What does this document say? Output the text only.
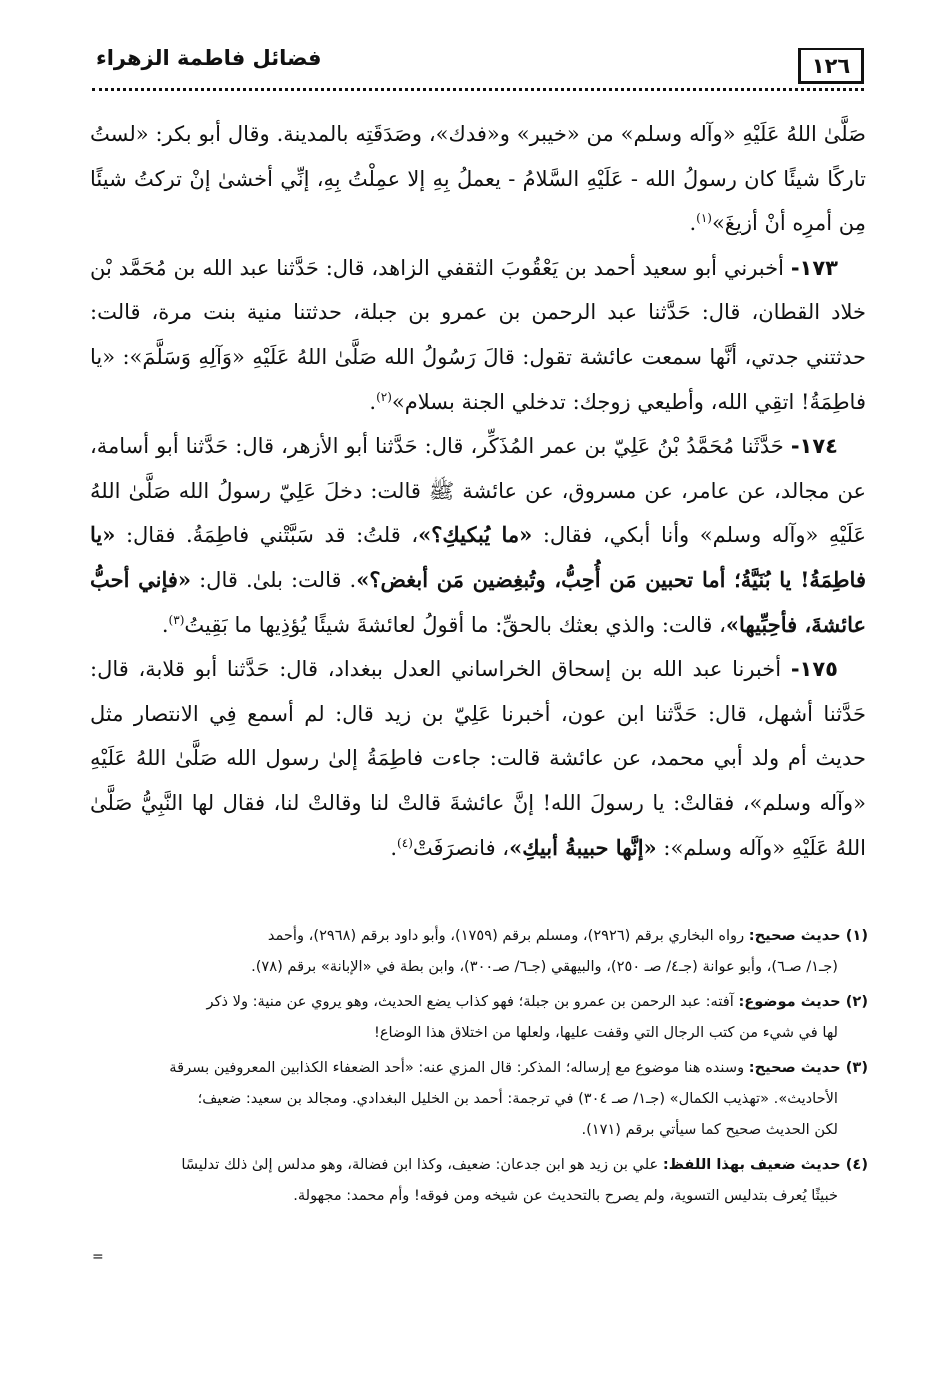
١٢٦
فضائل فاطمة الزهراء

صَلَّىٰ اللهُ عَلَيْهِ «وآله وسلم» من «خيبر» و«فدك»، وصَدَقَتِه بالمدينة. وقال أبو بكر: «لستُ تاركًا شيئًا كان رسولُ الله - عَلَيْهِ السَّلامُ - يعملُ بِهِ إلا عمِلْتُ بِهِ، إنِّي أخشىٰ إنْ تركتُ شيئًا مِن أمرِه أنْ أزيغَ»$^{(١)}$.

١٧٣- أخبرني أبو سعيد أحمد بن يَعْقُوبَ الثقفي الزاهد، قال: حَدَّثنا عبد الله بن مُحَمَّد بْن خلاد القطان، قال: حَدَّثنا عبد الرحمن بن عمرو بن جبلة، حدثتنا منية بنت مرة، قالت: حدثتني جدتي، أنَّها سمعت عائشة تقول: قالَ رَسُولُ الله صَلَّىٰ اللهُ عَلَيْهِ «وَآلِهِ وَسَلَّمَ»: «يا فاطِمَةُ! اتقِي الله، وأطيعي زوجك: تدخلي الجنة بسلام»$^{(٢)}$.

١٧٤- حَدَّثَنا مُحَمَّدُ بْنُ عَلِيّ بن عمر المُذَكِّر، قال: حَدَّثنا أبو الأزهر، قال: حَدَّثنا أبو أسامة، عن مجالد، عن عامر، عن مسروق، عن عائشة ﷺ قالت: دخلَ عَلِيّ رسولُ الله صَلَّىٰ اللهُ عَلَيْهِ «وآله وسلم» وأنا أبكي، فقال: «ما يُبكيكِ؟»، قلتُ: قد سَبَّتْني فاطِمَةُ. فقال: «يا فاطِمَةُ! يا بُنَيَّةُ؛ أما تحبين مَن أُحِبُّ، وتُبغِضين مَن أبغض؟». قالت: بلىٰ. قال: «فإني أحبُّ عائشةَ، فأحِبِّيها»، قالت: والذي بعثك بالحقِّ: ما أقولُ لعائشةَ شيئًا يُؤذِيها ما بَقِيتُ$^{(٣)}$.

١٧٥- أخبرنا عبد الله بن إسحاق الخراساني العدل ببغداد، قال: حَدَّثنا أبو قلابة، قال: حَدَّثنا أشهل، قال: حَدَّثنا ابن عون، أخبرنا عَلِيّ بن زيد قال: لم أسمع فِي الانتصار مثل حديث أم ولد أبي محمد، عن عائشة قالت: جاءت فاطِمَةُ إلىٰ رسول الله صَلَّىٰ اللهُ عَلَيْهِ «وآله وسلم»، فقالتْ: يا رسولَ الله! إنَّ عائشةَ قالتْ لنا وقالتْ لنا، فقال لها النَّبِيُّ صَلَّىٰ اللهُ عَلَيْهِ «وآله وسلم»: «إنَّها حبيبةُ أبيكِ»، فانصرَفَتْ$^{(٤)}$.

(١) حديث صحيح: رواه البخاري برقم (٢٩٢٦)، ومسلم برقم (١٧٥٩)، وأبو داود برقم (٢٩٦٨)، وأحمد
(جـ١/ صـ٦)، وأبو عوانة (جـ٤/ صـ ٢٥٠)، والبيهقي (جـ٦/ صـ٣٠٠)، وابن بطة في «الإبانة» برقم (٧٨).
(٢) حديث موضوع: آفته: عبد الرحمن بن عمرو بن جبلة؛ فهو كذاب يضع الحديث، وهو يروي عن منية: ولا ذكر
لها في شيء من كتب الرجال التي وقفت عليها، ولعلها من اختلاق هذا الوضاع!
(٣) حديث صحيح: وسنده هنا موضوع مع إرساله؛ المذكر: قال المزي عنه: «أحد الضعفاء الكذابين المعروفين بسرقة
الأحاديث». «تهذيب الكمال» (جـ١/ صـ ٣٠٤) في ترجمة: أحمد بن الخليل البغدادي. ومجالد بن سعيد: ضعيف؛
لكن الحديث صحيح كما سيأتي برقم (١٧١).
(٤) حديث ضعيف بهذا اللفظ: علي بن زيد هو ابن جدعان: ضعيف، وكذا ابن فضالة، وهو مدلس إلىٰ ذلك تدليسًا
خبيثًا يُعرف بتدليس التسوية، ولم يصرح بالتحديث عن شيخه ومن فوقه! وأم محمد: مجهولة.
=
